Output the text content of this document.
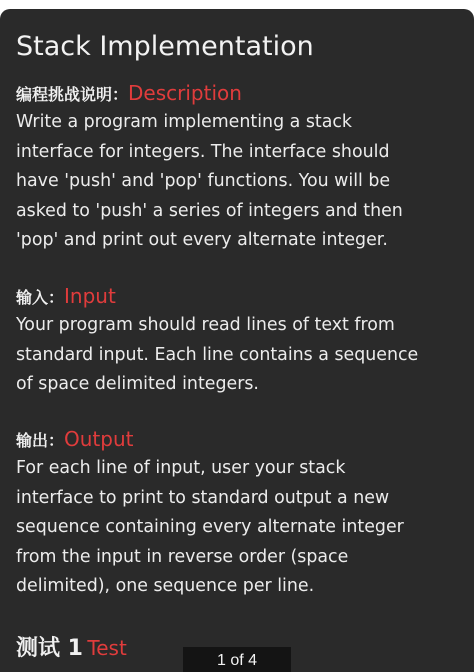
Stack Implementation
编程挑战说明：Description

Write a program implementing a stack
interface for integers. The interface should
have 'push' and 'pop' functions. You will be
asked to 'push' a series of integers and then
'pop' and print out every alternate integer.

输入：Input

Your program should read lines of text from
standard input. Each line contains a sequence
of space delimited integers.

输出：Output

For each line of input, user your stack
interface to print to standard output a new
sequence containing every alternate integer
from the input in reverse order (space
delimited), one sequence per line.

测试 1 Test
1 of 4
